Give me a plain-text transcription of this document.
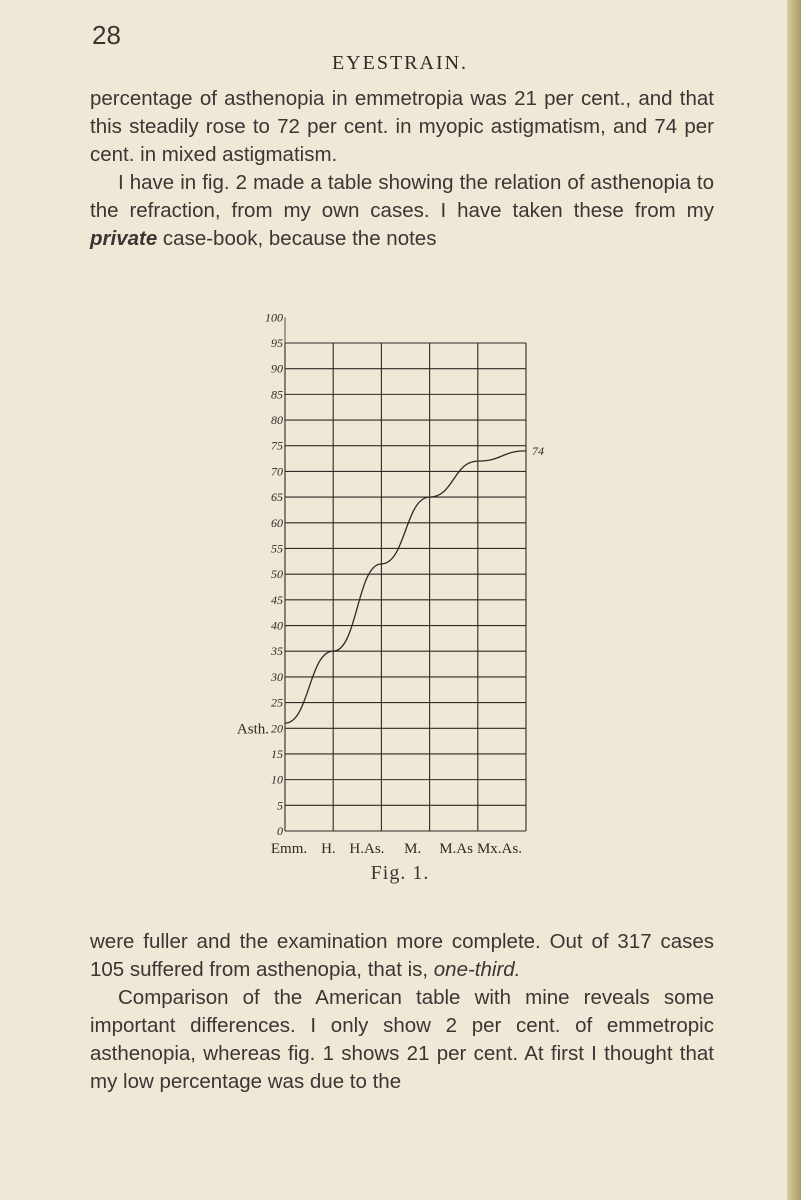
28
EYESTRAIN.

percentage of asthenopia in emmetropia was 21 per cent., and that this steadily rose to 72 per cent. in myopic astigmatism, and 74 per cent. in mixed astigmatism.

I have in fig. 2 made a table showing the relation of asthenopia to the refraction, from my own cases. I have taken these from my private case-book, because the notes

100
95
90
85
80
75
70
65
60
55
50
45
40
35
30
25
20
15
10
5
0
Emm. H. H.As. M. M.As Mx.As.
74
Asth.
Fig. 1.

were fuller and the examination more complete. Out of 317 cases 105 suffered from asthenopia, that is, one-third.

Comparison of the American table with mine reveals some important differences. I only show 2 per cent. of emmetropic asthenopia, whereas fig. 1 shows 21 per cent. At first I thought that my low percentage was due to the
